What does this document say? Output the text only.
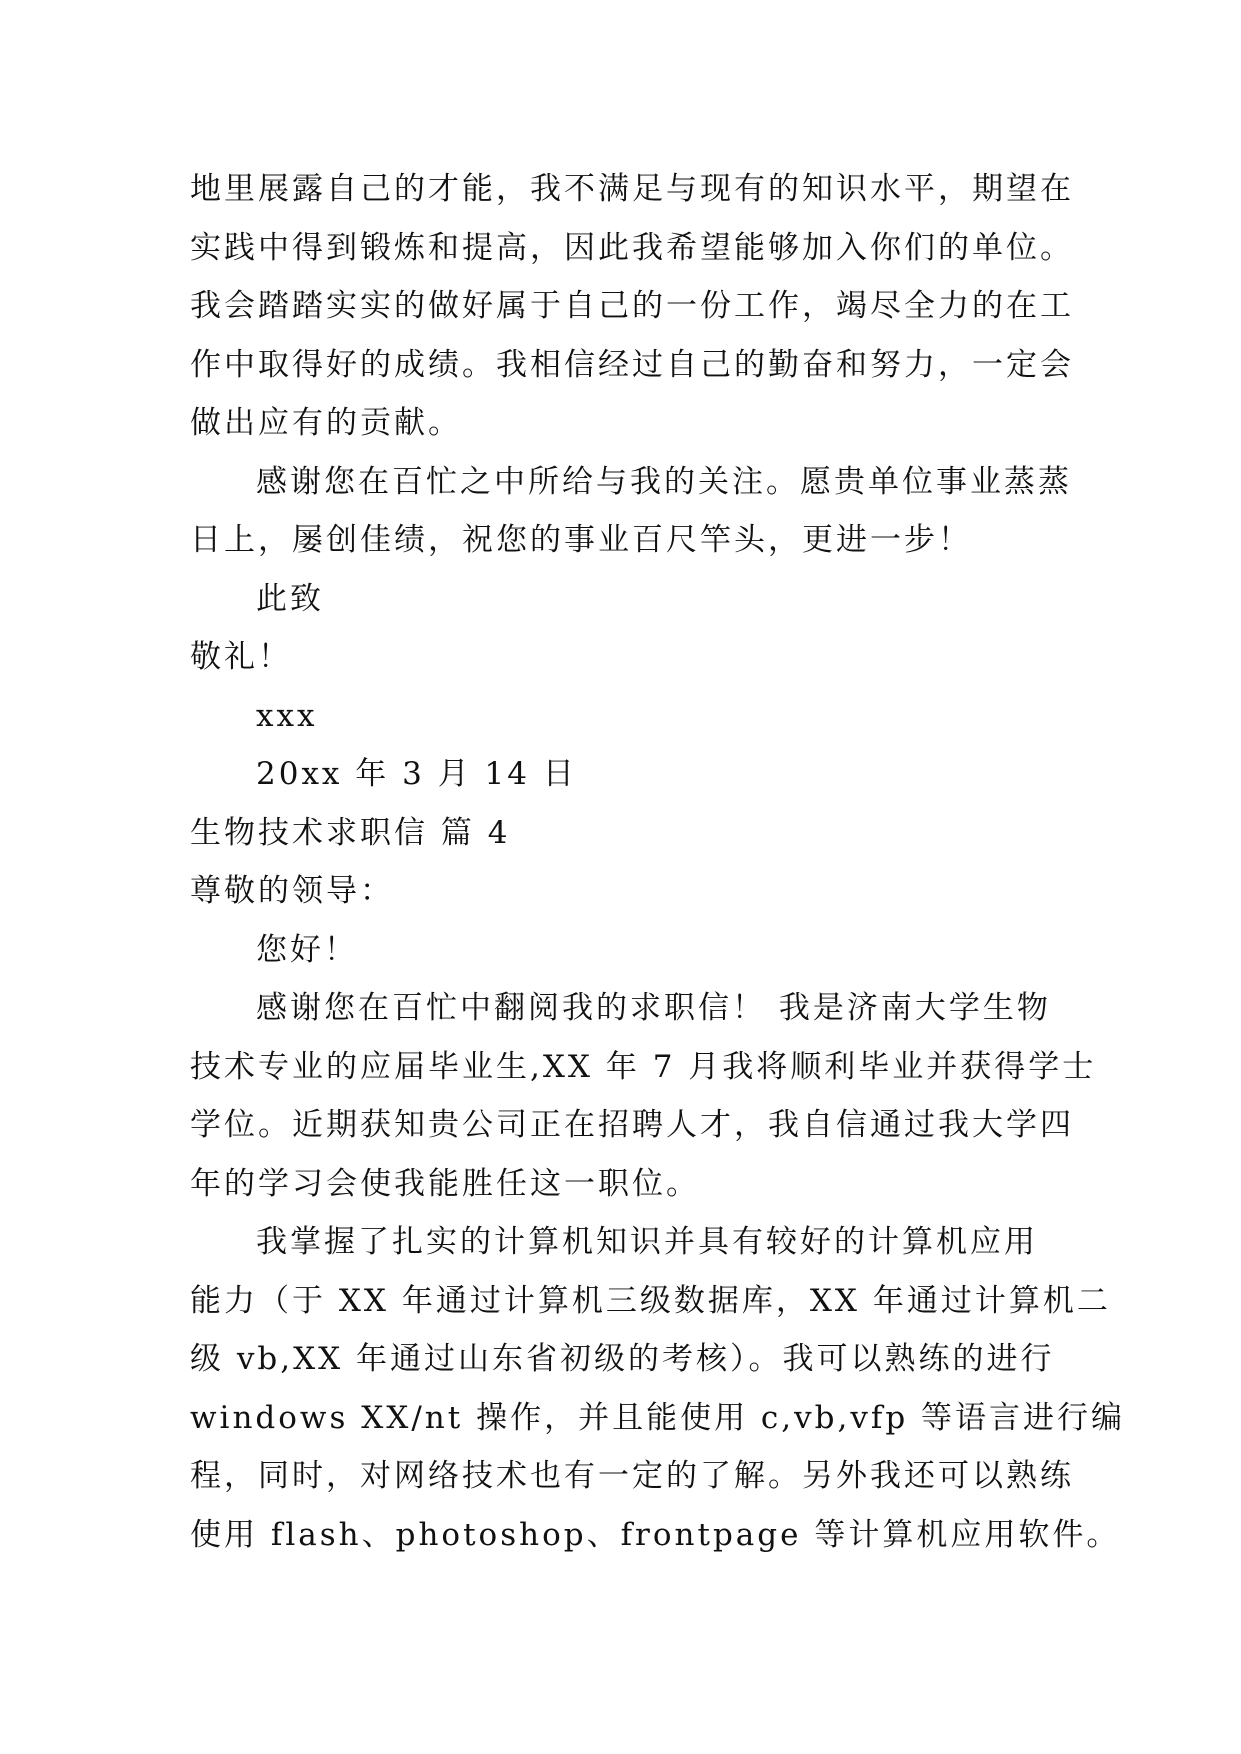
地里展露自己的才能，我不满足与现有的知识水平，期望在
实践中得到锻炼和提高，因此我希望能够加入你们的单位。
我会踏踏实实的做好属于自己的一份工作，竭尽全力的在工
作中取得好的成绩。我相信经过自己的勤奋和努力，一定会
做出应有的贡献。
感谢您在百忙之中所给与我的关注。愿贵单位事业蒸蒸
日上，屡创佳绩，祝您的事业百尺竿头，更进一步！
此致
敬礼！
xxx
20xx 年 3 月 14 日
生物技术求职信 篇 4
尊敬的领导：
您好！
感谢您在百忙中翻阅我的求职信！ 我是济南大学生物
技术专业的应届毕业生,XX 年 7 月我将顺利毕业并获得学士
学位。近期获知贵公司正在招聘人才，我自信通过我大学四
年的学习会使我能胜任这一职位。
我掌握了扎实的计算机知识并具有较好的计算机应用
能力（于 XX 年通过计算机三级数据库，XX 年通过计算机二
级 vb,XX 年通过山东省初级的考核）。我可以熟练的进行
windows XX/nt 操作，并且能使用 c,vb,vfp 等语言进行编
程，同时，对网络技术也有一定的了解。另外我还可以熟练
使用 flash、photoshop、frontpage 等计算机应用软件。
